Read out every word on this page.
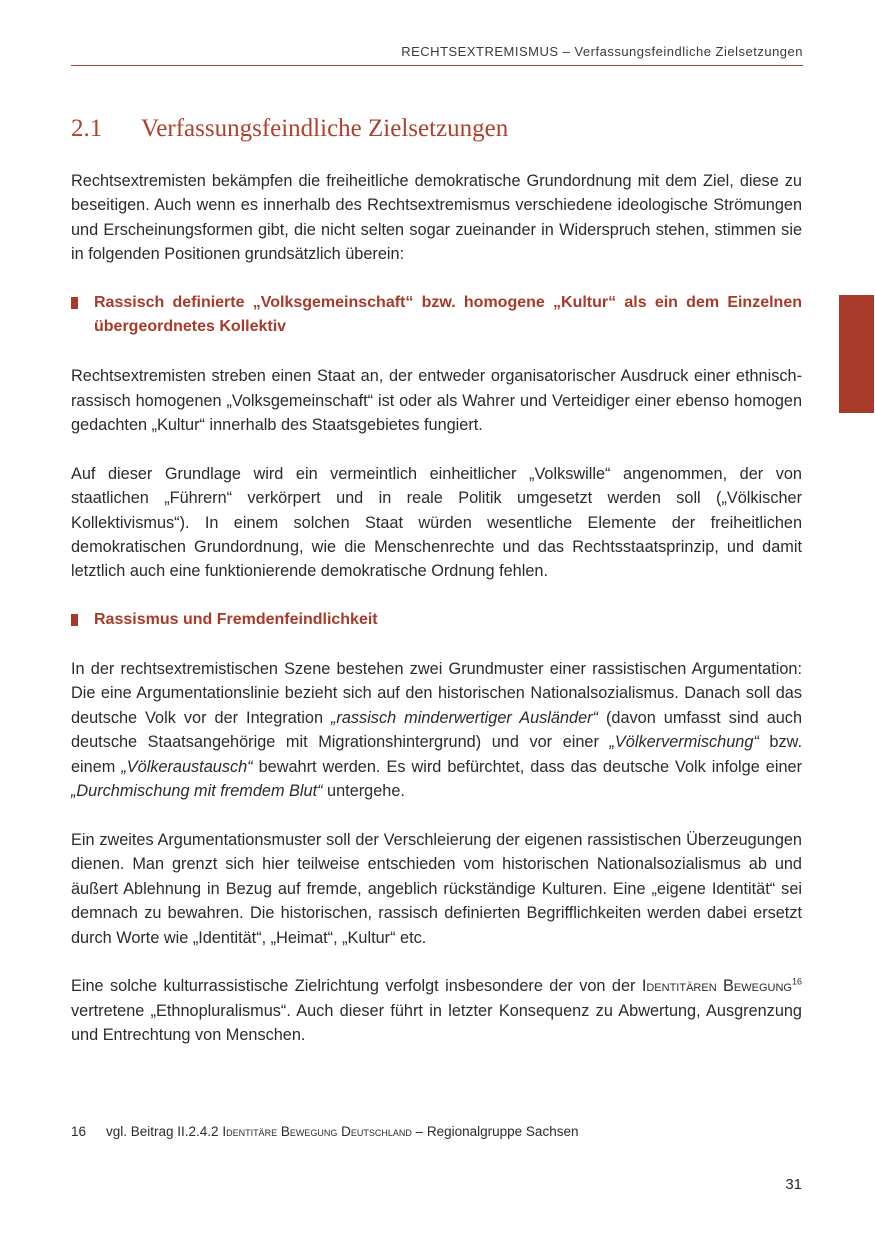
RECHTSEXTREMISMUS – Verfassungsfeindliche Zielsetzungen
2.1 Verfassungsfeindliche Zielsetzungen

Rechtsextremisten bekämpfen die freiheitliche demokratische Grundordnung mit dem Ziel, diese zu beseitigen. Auch wenn es innerhalb des Rechtsextremismus verschiedene ideologische Strömungen und Erscheinungsformen gibt, die nicht selten sogar zueinander in Widerspruch stehen, stimmen sie in folgenden Positionen grundsätzlich überein:

Rassisch definierte „Volksgemeinschaft“ bzw. homogene „Kultur“ als ein dem Einzelnen übergeordnetes Kollektiv

Rechtsextremisten streben einen Staat an, der entweder organisatorischer Ausdruck einer ethnisch-rassisch homogenen „Volksgemeinschaft“ ist oder als Wahrer und Verteidiger einer ebenso homogen gedachten „Kultur“ innerhalb des Staatsgebietes fungiert.

Auf dieser Grundlage wird ein vermeintlich einheitlicher „Volkswille“ angenommen, der von staatlichen „Führern“ verkörpert und in reale Politik umgesetzt werden soll („Völkischer Kollektivismus“). In einem solchen Staat würden wesentliche Elemente der freiheitlichen demokratischen Grundordnung, wie die Menschenrechte und das Rechtsstaatsprinzip, und damit letztlich auch eine funktionierende demokratische Ordnung fehlen.

Rassismus und Fremdenfeindlichkeit

In der rechtsextremistischen Szene bestehen zwei Grundmuster einer rassistischen Argumentation: Die eine Argumentationslinie bezieht sich auf den historischen Nationalsozialismus. Danach soll das deutsche Volk vor der Integration „rassisch minderwertiger Ausländer“ (davon umfasst sind auch deutsche Staatsangehörige mit Migrationshintergrund) und vor einer „Völkervermischung“ bzw. einem „Völkeraustausch“ bewahrt werden. Es wird befürchtet, dass das deutsche Volk infolge einer „Durchmischung mit fremdem Blut“ untergehe.

Ein zweites Argumentationsmuster soll der Verschleierung der eigenen rassistischen Überzeugungen dienen. Man grenzt sich hier teilweise entschieden vom historischen Nationalsozialismus ab und äußert Ablehnung in Bezug auf fremde, angeblich rückständige Kulturen. Eine „eigene Identität“ sei demnach zu bewahren. Die historischen, rassisch definierten Begrifflichkeiten werden dabei ersetzt durch Worte wie „Identität“, „Heimat“, „Kultur“ etc.

Eine solche kulturrassistische Zielrichtung verfolgt insbesondere der von der Identitären Bewegung$^{16}$ vertretene „Ethnopluralismus“. Auch dieser führt in letzter Konsequenz zu Abwertung, Ausgrenzung und Entrechtung von Menschen.

16 vgl. Beitrag II.2.4.2 Identitäre Bewegung Deutschland – Regionalgruppe Sachsen
31
